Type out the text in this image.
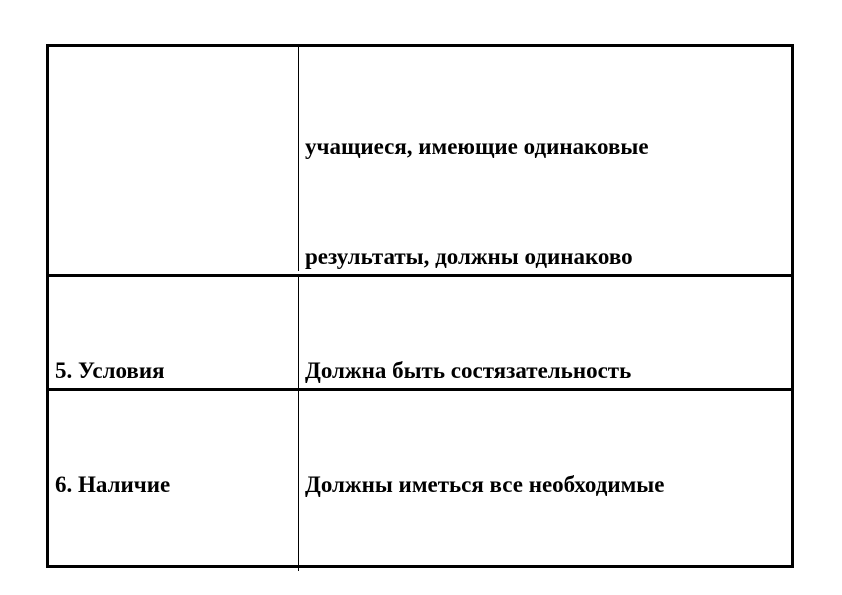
учащиеся, имеющие одинаковые

результаты, должны одинаково

5. Условия

	Должна быть состязательность

6. Наличие

	Должны иметься все необходимые
